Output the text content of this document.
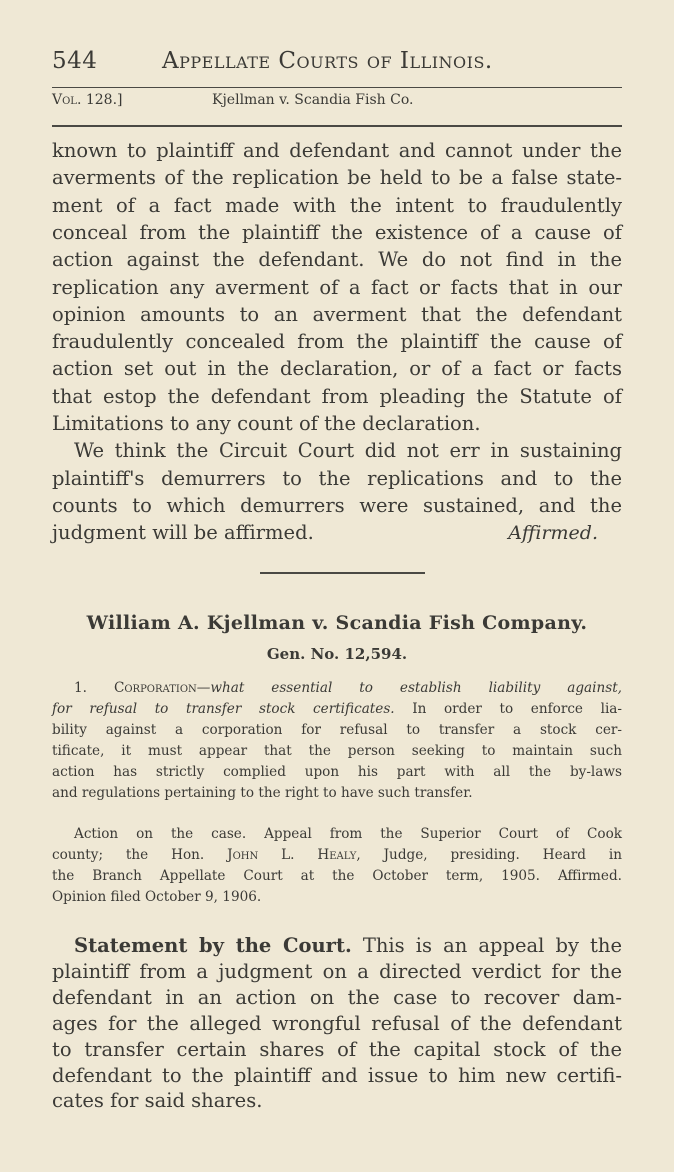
544	Appellate Courts of Illinois.
Vol. 128.]	Kjellman v. Scandia Fish Co.
known to plaintiff and defendant and cannot under the
averments of the replication be held to be a false state-
ment of a fact made with the intent to fraudulently
conceal from the plaintiff the existence of a cause of
action against the defendant. We do not find in the
replication any averment of a fact or facts that in our
opinion amounts to an averment that the defendant
fraudulently concealed from the plaintiff the cause of
action set out in the declaration, or of a fact or facts
that estop the defendant from pleading the Statute of
Limitations to any count of the declaration.
We think the Circuit Court did not err in sustaining
plaintiff's demurrers to the replications and to the
counts to which demurrers were sustained, and the
judgment will be affirmed.	Affirmed.
William A. Kjellman v. Scandia Fish Company.
Gen. No. 12,594.
1. Corporation—what essential to establish liability against,
for refusal to transfer stock certificates. In order to enforce lia-
bility against a corporation for refusal to transfer a stock cer-
tificate, it must appear that the person seeking to maintain such
action has strictly complied upon his part with all the by-laws
and regulations pertaining to the right to have such transfer.
Action on the case. Appeal from the Superior Court of Cook
county; the Hon. John L. Healy, Judge, presiding. Heard in
the Branch Appellate Court at the October term, 1905. Affirmed.
Opinion filed October 9, 1906.
Statement by the Court. This is an appeal by the
plaintiff from a judgment on a directed verdict for the
defendant in an action on the case to recover dam-
ages for the alleged wrongful refusal of the defendant
to transfer certain shares of the capital stock of the
defendant to the plaintiff and issue to him new certifi-
cates for said shares.
